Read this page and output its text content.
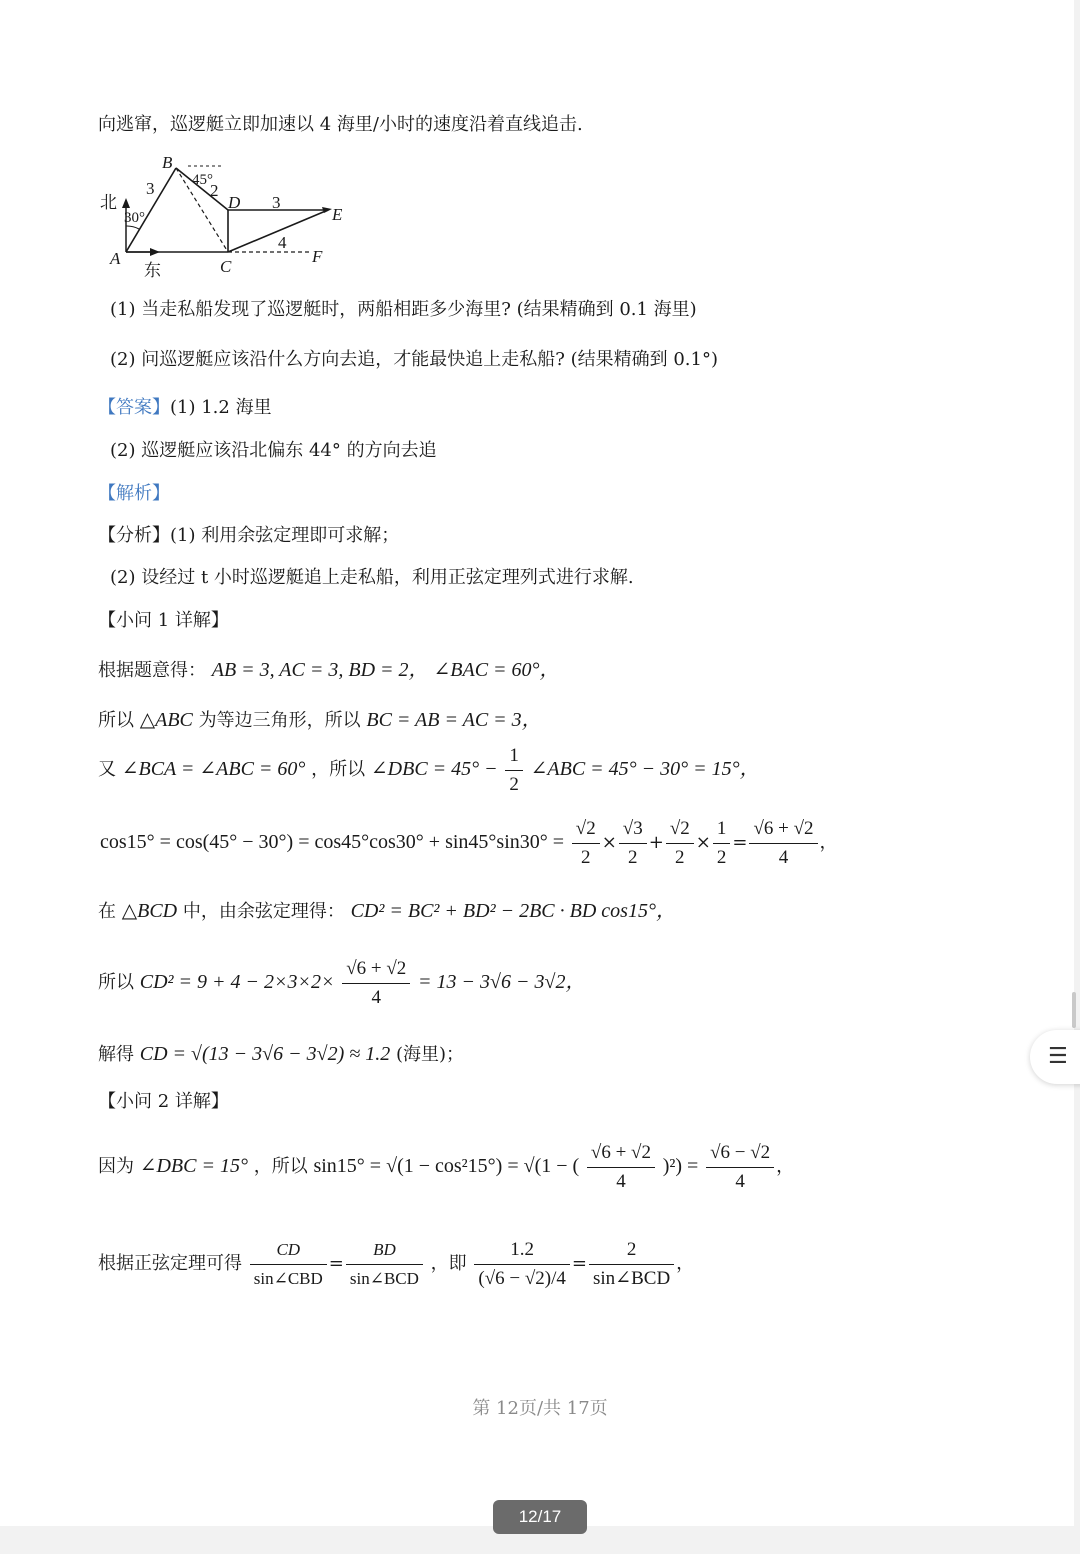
向逃窜，巡逻艇立即加速以 4 海里/小时的速度沿着直线追击.
北
东
A
B
C
D
E
F
3	2
3
4
30°
45°
(1) 当走私船发现了巡逻艇时，两船相距多少海里? (结果精确到 0.1 海里)
(2) 问巡逻艇应该沿什么方向去追，才能最快追上走私船? (结果精确到 0.1°)
【答案】(1) 1.2 海里
(2) 巡逻艇应该沿北偏东 44° 的方向去追
【解析】
【分析】(1) 利用余弦定理即可求解；
(2) 设经过 t 小时巡逻艇追上走私船，利用正弦定理列式进行求解.
【小问 1 详解】
根据题意得： AB = 3, AC = 3, BD = 2， ∠BAC = 60°，
所以 △ABC 为等边三角形，所以 BC = AB = AC = 3，
又 ∠BCA = ∠ABC = 60° ，所以 ∠DBC = $45^\circ - \frac{1}{2}$ ∠ABC = 45° − 30° = 15°，
$\cos 15^\circ = \cos(45^\circ - 30^\circ) = \cos 45^\circ\cos 30^\circ + \sin 45^\circ\sin 30^\circ = \frac{√2}{2} \times \frac{√3}{2} + \frac{√2}{2} \times \frac{1}{2} = \frac{√6 + √2}{4}$ ，
在 △BCD 中，由余弦定理得： CD² = BC² + BD² − 2BC · BD cos15°，
所以 $CD^2 = 9 + 4 - 2\times 3\times 2\times \frac{√6 + √2}{4} = 13 - 3√6 - 3√2$，
解得 CD = √(13 − 3√6 − 3√2) ≈ 1.2 (海里)；
【小问 2 详解】
因为 ∠DBC = 15° ，所以 sin15° = √(1 − cos²15°) = √(1 − ( $\frac{√6 + √2}{4} )^2) = \frac{√6 - √2}{4}$ ，
根据正弦定理可得 $\frac{CD}{\text{sin∠CBD}} = \frac{BD}{\text{sin∠BCD}}$ ，即 $\frac{1.2}{(√6 - √2)/4} = \frac{2}{\text{sin∠BCD}}$ ，
第 12页/共 17页
☰
12/17
